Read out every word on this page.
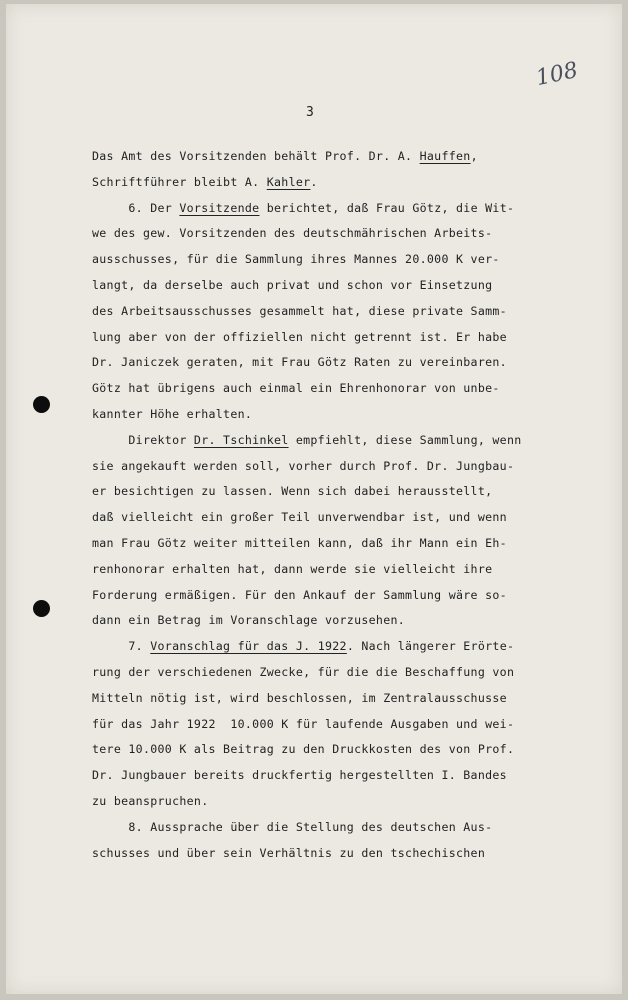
108
3
Das Amt des Vorsitzenden behält Prof. Dr. A. Hauffen,
Schriftführer bleibt A. Kahler.
6. Der Vorsitzende berichtet, daß Frau Götz, die Wit-
we des gew. Vorsitzenden des deutschmährischen Arbeits-
ausschusses, für die Sammlung ihres Mannes 20.000 K ver-
langt, da derselbe auch privat und schon vor Einsetzung
des Arbeitsausschusses gesammelt hat, diese private Samm-
lung aber von der offiziellen nicht getrennt ist. Er habe
Dr. Janiczek geraten, mit Frau Götz Raten zu vereinbaren.
Götz hat übrigens auch einmal ein Ehrenhonorar von unbe-
kannter Höhe erhalten.
Direktor Dr. Tschinkel empfiehlt, diese Sammlung, wenn
sie angekauft werden soll, vorher durch Prof. Dr. Jungbau-
er besichtigen zu lassen. Wenn sich dabei herausstellt,
daß vielleicht ein großer Teil unverwendbar ist, und wenn
man Frau Götz weiter mitteilen kann, daß ihr Mann ein Eh-
renhonorar erhalten hat, dann werde sie vielleicht ihre
Forderung ermäßigen. Für den Ankauf der Sammlung wäre so-
dann ein Betrag im Voranschlage vorzusehen.
7. Voranschlag für das J. 1922. Nach längerer Erörte-
rung der verschiedenen Zwecke, für die die Beschaffung von
Mitteln nötig ist, wird beschlossen, im Zentralausschusse
für das Jahr 1922  10.000 K für laufende Ausgaben und wei-
tere 10.000 K als Beitrag zu den Druckkosten des von Prof.
Dr. Jungbauer bereits druckfertig hergestellten I. Bandes
zu beanspruchen.
8. Aussprache über die Stellung des deutschen Aus-
schusses und über sein Verhältnis zu den tschechischen
